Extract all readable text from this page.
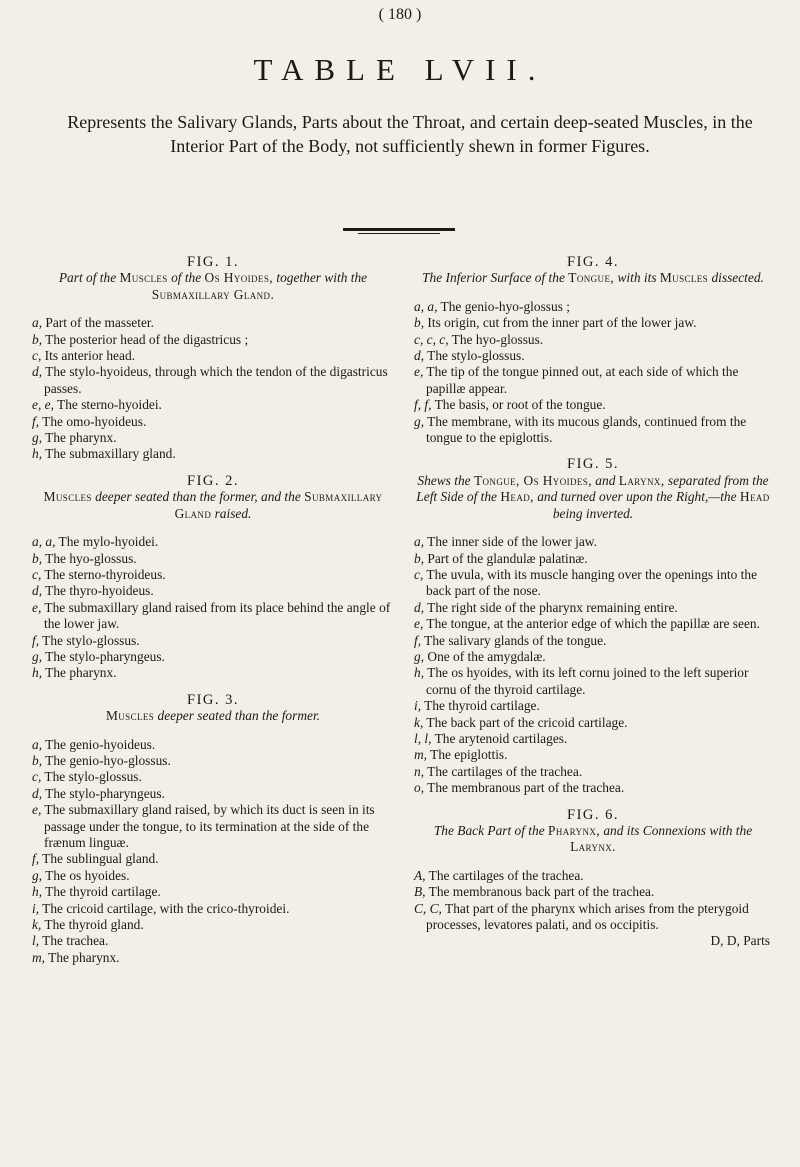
( 180 )
TABLE LVII.
Represents the Salivary Glands, Parts about the Throat, and certain deep-seated Muscles, in the Interior Part of the Body, not sufficiently shewn in former Figures.

FIG. 1.

Part of the Muscles of the Os Hyoides, together with the Submaxillary Gland.

a, Part of the masseter.
b, The posterior head of the digastricus ;
c, Its anterior head.
d, The stylo-hyoideus, through which the tendon of the digastricus passes.
e, e, The sterno-hyoidei.
f, The omo-hyoideus.
g, The pharynx.
h, The submaxillary gland.

FIG. 2.

Muscles deeper seated than the former, and the Submaxillary Gland raised.

a, a, The mylo-hyoidei.
b, The hyo-glossus.
c, The sterno-thyroideus.
d, The thyro-hyoideus.
e, The submaxillary gland raised from its place behind the angle of the lower jaw.
f, The stylo-glossus.
g, The stylo-pharyngeus.
h, The pharynx.

FIG. 3.

Muscles deeper seated than the former.

a, The genio-hyoideus.
b, The genio-hyo-glossus.
c, The stylo-glossus.
d, The stylo-pharyngeus.
e, The submaxillary gland raised, by which its duct is seen in its passage under the tongue, to its termination at the side of the frænum linguæ.
f, The sublingual gland.
g, The os hyoides.
h, The thyroid cartilage.
i, The cricoid cartilage, with the crico-thyroidei.
k, The thyroid gland.
l, The trachea.
m, The pharynx.

FIG. 4.

The Inferior Surface of the Tongue, with its Muscles dissected.

a, a, The genio-hyo-glossus ;
b, Its origin, cut from the inner part of the lower jaw.
c, c, c, The hyo-glossus.
d, The stylo-glossus.
e, The tip of the tongue pinned out, at each side of which the papillæ appear.
f, f, The basis, or root of the tongue.
g, The membrane, with its mucous glands, continued from the tongue to the epiglottis.

FIG. 5.

Shews the Tongue, Os Hyoides, and Larynx, separated from the Left Side of the Head, and turned over upon the Right,—the Head being inverted.

a, The inner side of the lower jaw.
b, Part of the glandulæ palatinæ.
c, The uvula, with its muscle hanging over the openings into the back part of the nose.
d, The right side of the pharynx remaining entire.
e, The tongue, at the anterior edge of which the papillæ are seen.
f, The salivary glands of the tongue.
g, One of the amygdalæ.
h, The os hyoides, with its left cornu joined to the left superior cornu of the thyroid cartilage.
i, The thyroid cartilage.
k, The back part of the cricoid cartilage.
l, l, The arytenoid cartilages.
m, The epiglottis.
n, The cartilages of the trachea.
o, The membranous part of the trachea.

FIG. 6.

The Back Part of the Pharynx, and its Connexions with the Larynx.

A, The cartilages of the trachea.
B, The membranous back part of the trachea.
C, C, That part of the pharynx which arises from the pterygoid processes, levatores palati, and os occipitis.
D, D, Parts
